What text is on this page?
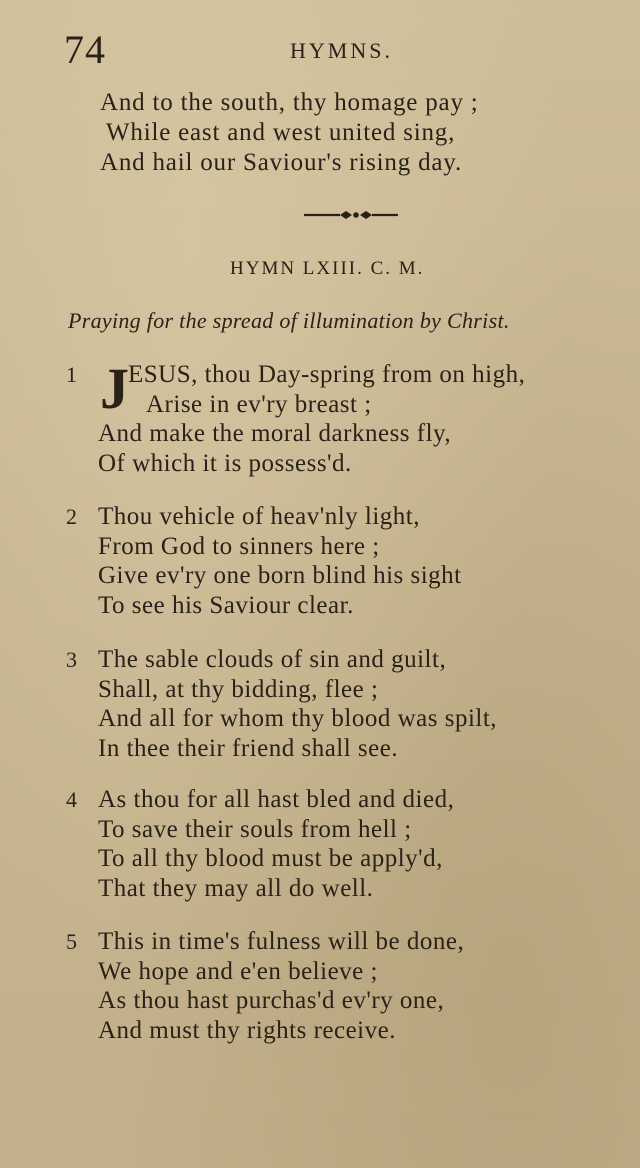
74	HYMNS.
And to the south, thy homage pay ;
While east and west united sing,
And hail our Saviour's rising day.
HYMN LXIII. C. M.
Praying for the spread of illumination by Christ.
1 J
ESUS, thou Day-spring from on high,
Arise in ev'ry breast ;
And make the moral darkness fly,
Of which it is possess'd.
2 Thou vehicle of heav'nly light,
From God to sinners here ;
Give ev'ry one born blind his sight
To see his Saviour clear.
3 The sable clouds of sin and guilt,
Shall, at thy bidding, flee ;
And all for whom thy blood was spilt,
In thee their friend shall see.
4 As thou for all hast bled and died,
To save their souls from hell ;
To all thy blood must be apply'd,
That they may all do well.
5 This in time's fulness will be done,
We hope and e'en believe ;
As thou hast purchas'd ev'ry one,
And must thy rights receive.
